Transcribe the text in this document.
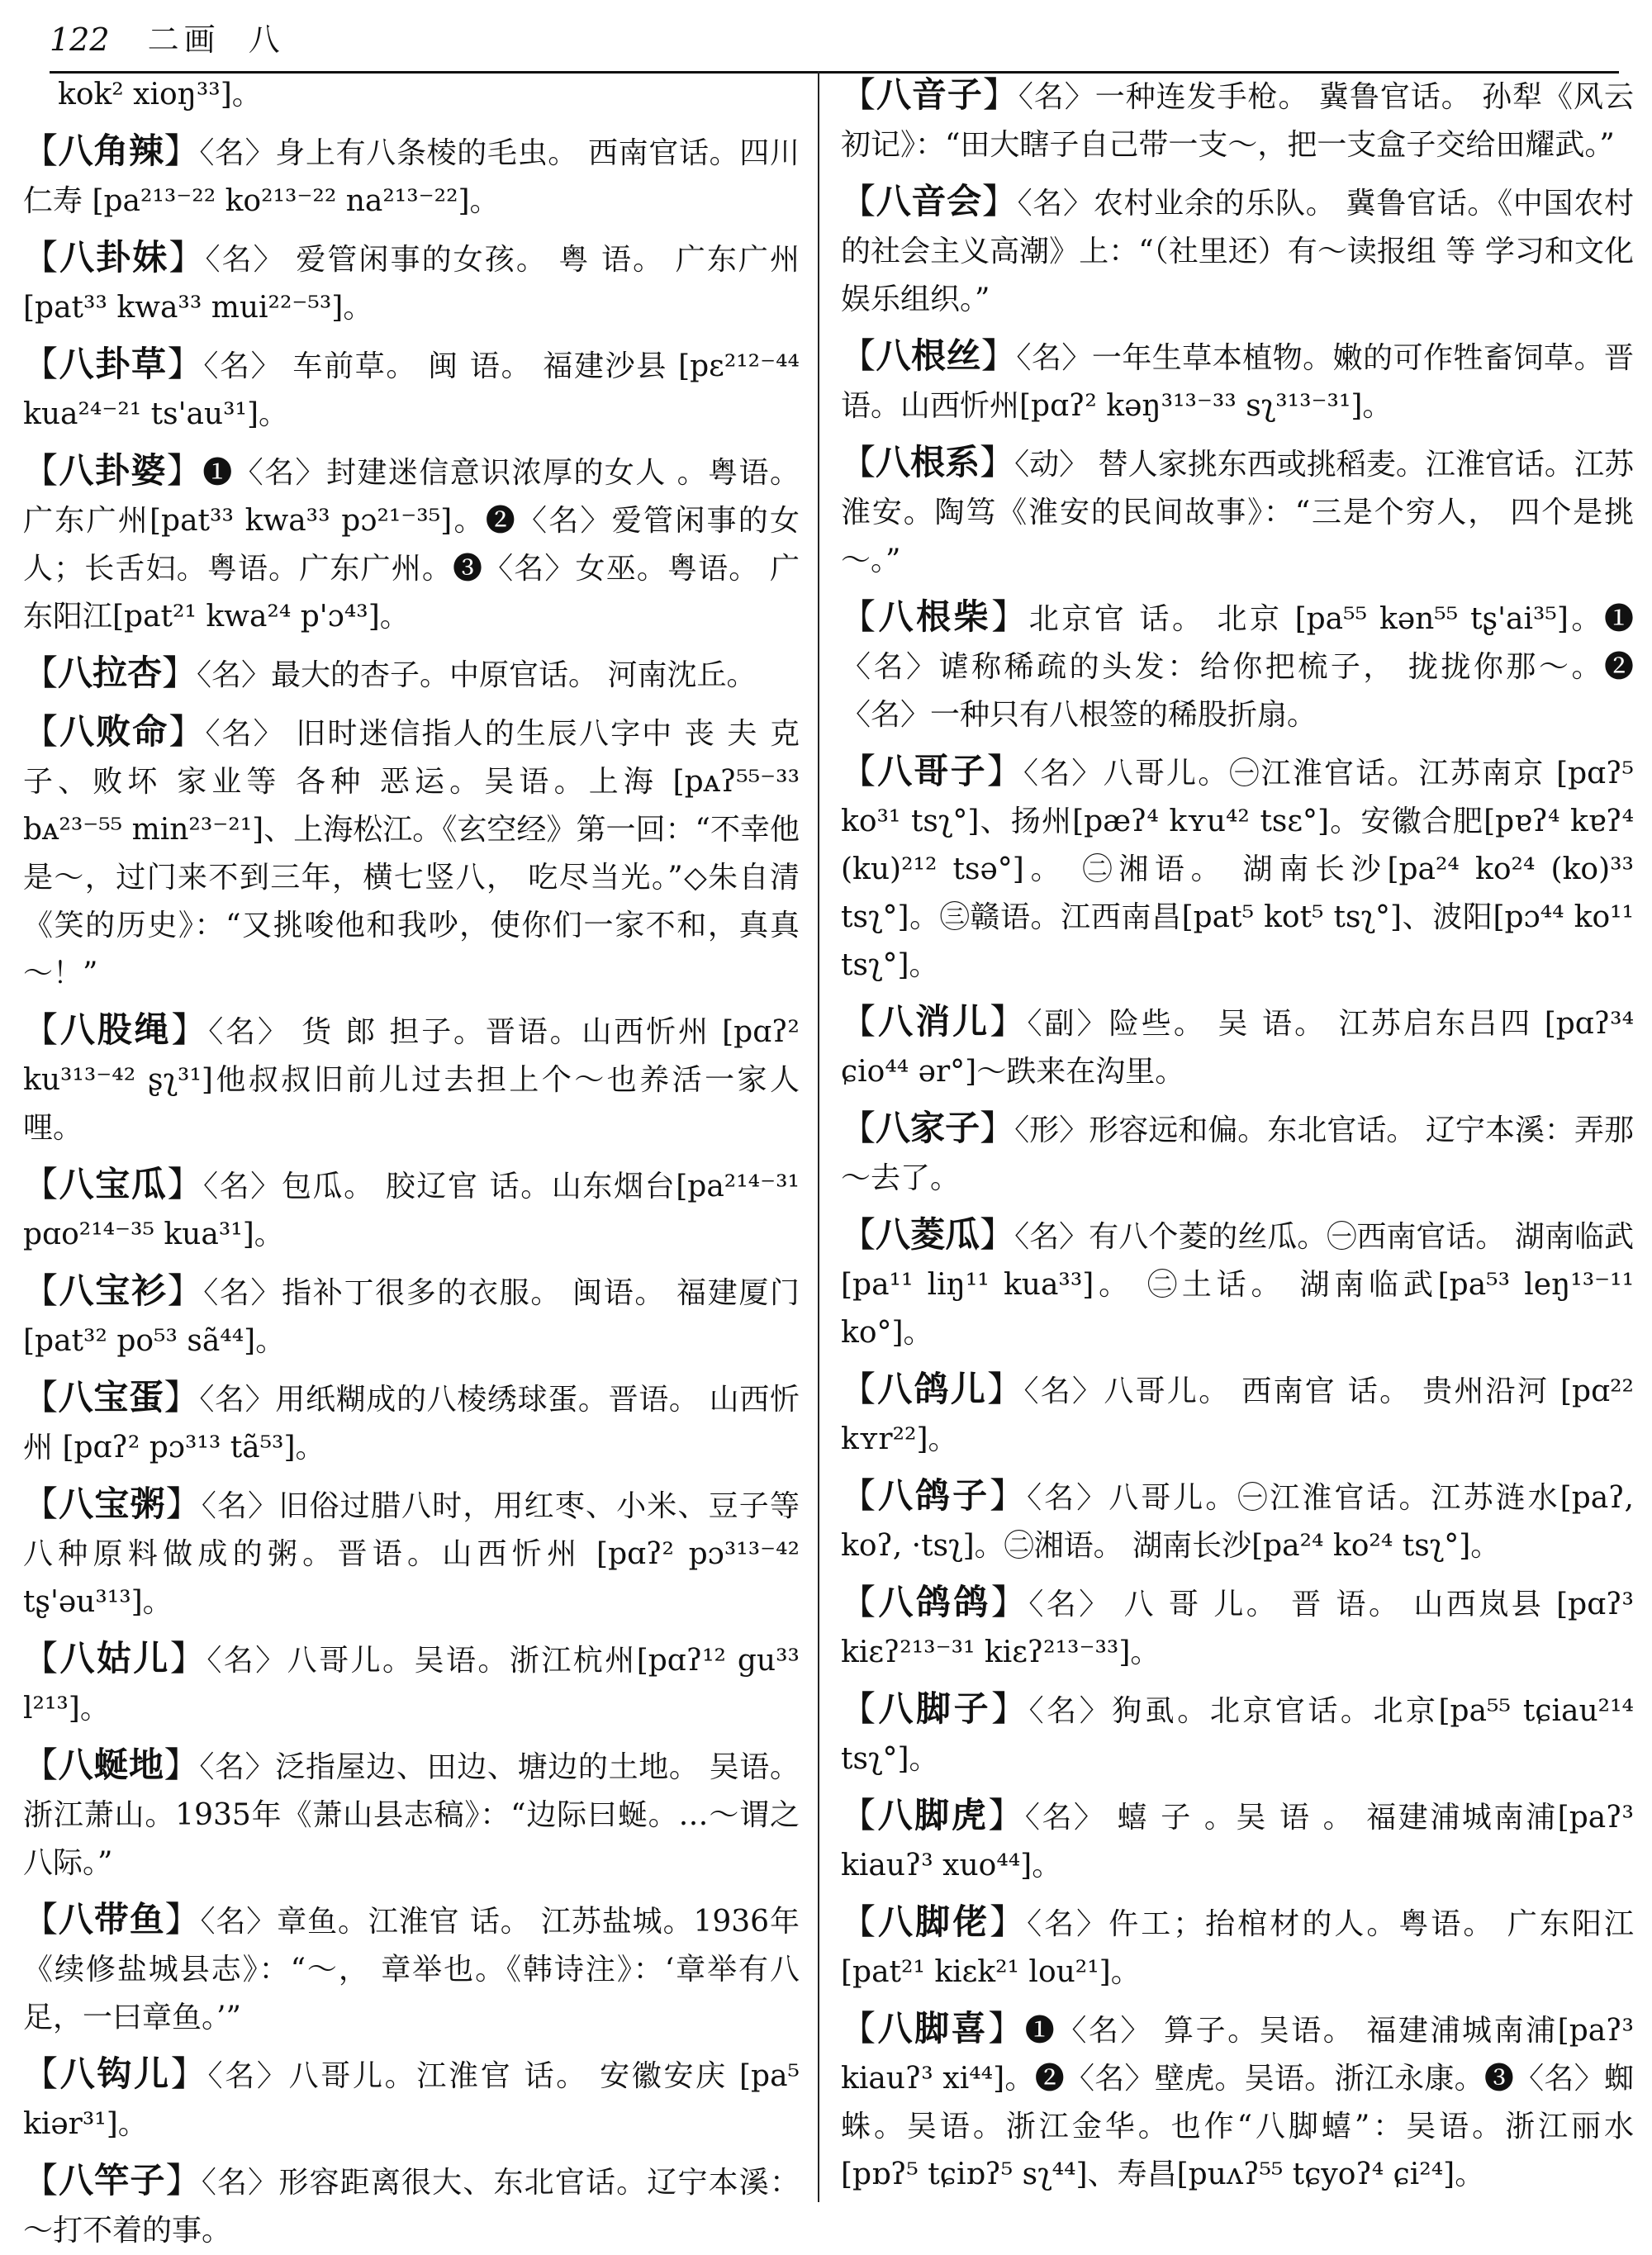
122 二画 八

kok² xioŋ³³]。

【八角辣】〈名〉身上有八条棱的毛虫。 西南官话。四川仁寿 [pa²¹³⁻²² ko²¹³⁻²² na²¹³⁻²²]。

【八卦妹】〈名〉 爱管闲事的女孩。 粤 语。 广东广州 [pat³³ kwa³³ mui²²⁻⁵³]。

【八卦草】〈名〉 车前草。 闽 语。 福建沙县 [pɛ²¹²⁻⁴⁴ kua²⁴⁻²¹ ts'au³¹]。

【八卦婆】❶〈名〉封建迷信意识浓厚的女人 。粤语。 广东广州[pat³³ kwa³³ pɔ²¹⁻³⁵]。❷〈名〉爱管闲事的女人；长舌妇。粤语。广东广州。❸〈名〉女巫。粤语。 广东阳江[pat²¹ kwa²⁴ p'ɔ⁴³]。

【八拉杏】〈名〉最大的杏子。中原官话。 河南沈丘。

【八败命】〈名〉 旧时迷信指人的生辰八字中 丧 夫 克 子、败坏 家业等 各种 恶运。吴语。上海 [pᴀʔ⁵⁵⁻³³ bᴀ²³⁻⁵⁵ min²³⁻²¹]、上海松江。《玄空经》第一回：“不幸他是～，过门来不到三年，横七竖八， 吃尽当光。”◇朱自清《笑的历史》：“又挑唆他和我吵，使你们一家不和，真真～！”

【八股绳】〈名〉 货 郎 担子。晋语。山西忻州 [pɑʔ² ku³¹³⁻⁴² ʂʅ³¹]他叔叔旧前儿过去担上个～也养活一家人哩。

【八宝瓜】〈名〉包瓜。 胶辽官 话。山东烟台[pa²¹⁴⁻³¹ pɑo²¹⁴⁻³⁵ kua³¹]。

【八宝衫】〈名〉指补丁很多的衣服。 闽语。 福建厦门 [pat³² po⁵³ sã⁴⁴]。

【八宝蛋】〈名〉用纸糊成的八棱绣球蛋。晋语。 山西忻州 [pɑʔ² pɔ³¹³ tã⁵³]。

【八宝粥】〈名〉旧俗过腊八时，用红枣、小米、豆子等八种原料做成的粥。晋语。山西忻州 [pɑʔ² pɔ³¹³⁻⁴² tʂ'əu³¹³]。

【八姑儿】〈名〉八哥儿。吴语。浙江杭州[pɑʔ¹² gu³³ l²¹³]。

【八蜒地】〈名〉泛指屋边、田边、塘边的土地。 吴语。 浙江萧山。1935年《萧山县志稿》：“边际曰蜒。…～谓之八际。”

【八带鱼】〈名〉章鱼。江淮官 话。 江苏盐城。1936年《续修盐城县志》：“～， 章举也。《韩诗注》：‘章举有八足，一曰章鱼。’”

【八钩儿】〈名〉八哥儿。江淮官 话。 安徽安庆 [pa⁵ kiər³¹]。

【八竿子】〈名〉形容距离很大、东北官话。辽宁本溪：～打不着的事。

【八音子】〈名〉一种连发手枪。 冀鲁官话。 孙犁《风云初记》：“田大瞎子自己带一支～，把一支盒子交给田耀武。”

【八音会】〈名〉农村业余的乐队。 冀鲁官话。《中国农村的社会主义高潮》上：“（社里还）有～读报组 等 学习和文化娱乐组织。”

【八根丝】〈名〉一年生草本植物。嫩的可作牲畜饲草。晋语。山西忻州[pɑʔ² kəŋ³¹³⁻³³ sʅ³¹³⁻³¹]。

【八根系】〈动〉 替人家挑东西或挑稻麦。江淮官话。江苏淮安。陶笃《淮安的民间故事》：“三是个穷人， 四个是挑～。”

【八根柴】北京官 话。 北京 [pa⁵⁵ kən⁵⁵ tʂ'ai³⁵]。❶〈名〉谑称稀疏的头发：给你把梳子， 拢拢你那～。❷〈名〉一种只有八根签的稀股折扇。

【八哥子】〈名〉八哥儿。㊀江淮官话。江苏南京 [pɑʔ⁵ ko³¹ tsʅ°]、扬州[pæʔ⁴ kʏu⁴² tsɛ°]。安徽合肥[pɐʔ⁴ kɐʔ⁴ (ku)²¹² tsə°]。 ㊁湘语。 湖南长沙[pa²⁴ ko²⁴ (ko)³³ tsʅ°]。㊂赣语。江西南昌[pat⁵ kot⁵ tsʅ°]、波阳[pɔ⁴⁴ ko¹¹ tsʅ°]。

【八消儿】〈副〉险些。 吴 语。 江苏启东吕四 [pɑʔ³⁴ ɕio⁴⁴ ər°]～跌来在沟里。

【八家子】〈形〉形容远和偏。东北官话。 辽宁本溪：弄那～去了。

【八菱瓜】〈名〉有八个菱的丝瓜。㊀西南官话。 湖南临武[pa¹¹ liŋ¹¹ kua³³]。 ㊁土话。 湖南临武[pa⁵³ leŋ¹³⁻¹¹ ko°]。

【八鸽儿】〈名〉八哥儿。 西南官 话。 贵州沿河 [pɑ²² kʏr²²]。

【八鸽子】〈名〉八哥儿。㊀江淮官话。江苏涟水[paʔ, koʔ, ·tsʅ]。㊁湘语。 湖南长沙[pa²⁴ ko²⁴ tsʅ°]。

【八鸽鸽】〈名〉 八 哥 儿。 晋 语。 山西岚县 [pɑʔ³ kiɛʔ²¹³⁻³¹ kiɛʔ²¹³⁻³³]。

【八脚子】〈名〉狗虱。北京官话。北京[pa⁵⁵ tɕiau²¹⁴ tsʅ°]。

【八脚虎】〈名〉 蟢 子 。吴 语 。 福建浦城南浦[paʔ³ kiauʔ³ xuo⁴⁴]。

【八脚佬】〈名〉仵工；抬棺材的人。粤语。 广东阳江 [pat²¹ kiɛk²¹ lou²¹]。

【八脚喜】❶〈名〉 算子。吴语。 福建浦城南浦[paʔ³ kiauʔ³ xi⁴⁴]。❷〈名〉壁虎。吴语。浙江永康。❸〈名〉蜘蛛。吴语。浙江金华。也作“八脚蟢”：吴语。浙江丽水 [pɒʔ⁵ tɕiɒʔ⁵ sʅ⁴⁴]、寿昌[puʌʔ⁵⁵ tɕyoʔ⁴ ɕi²⁴]。
